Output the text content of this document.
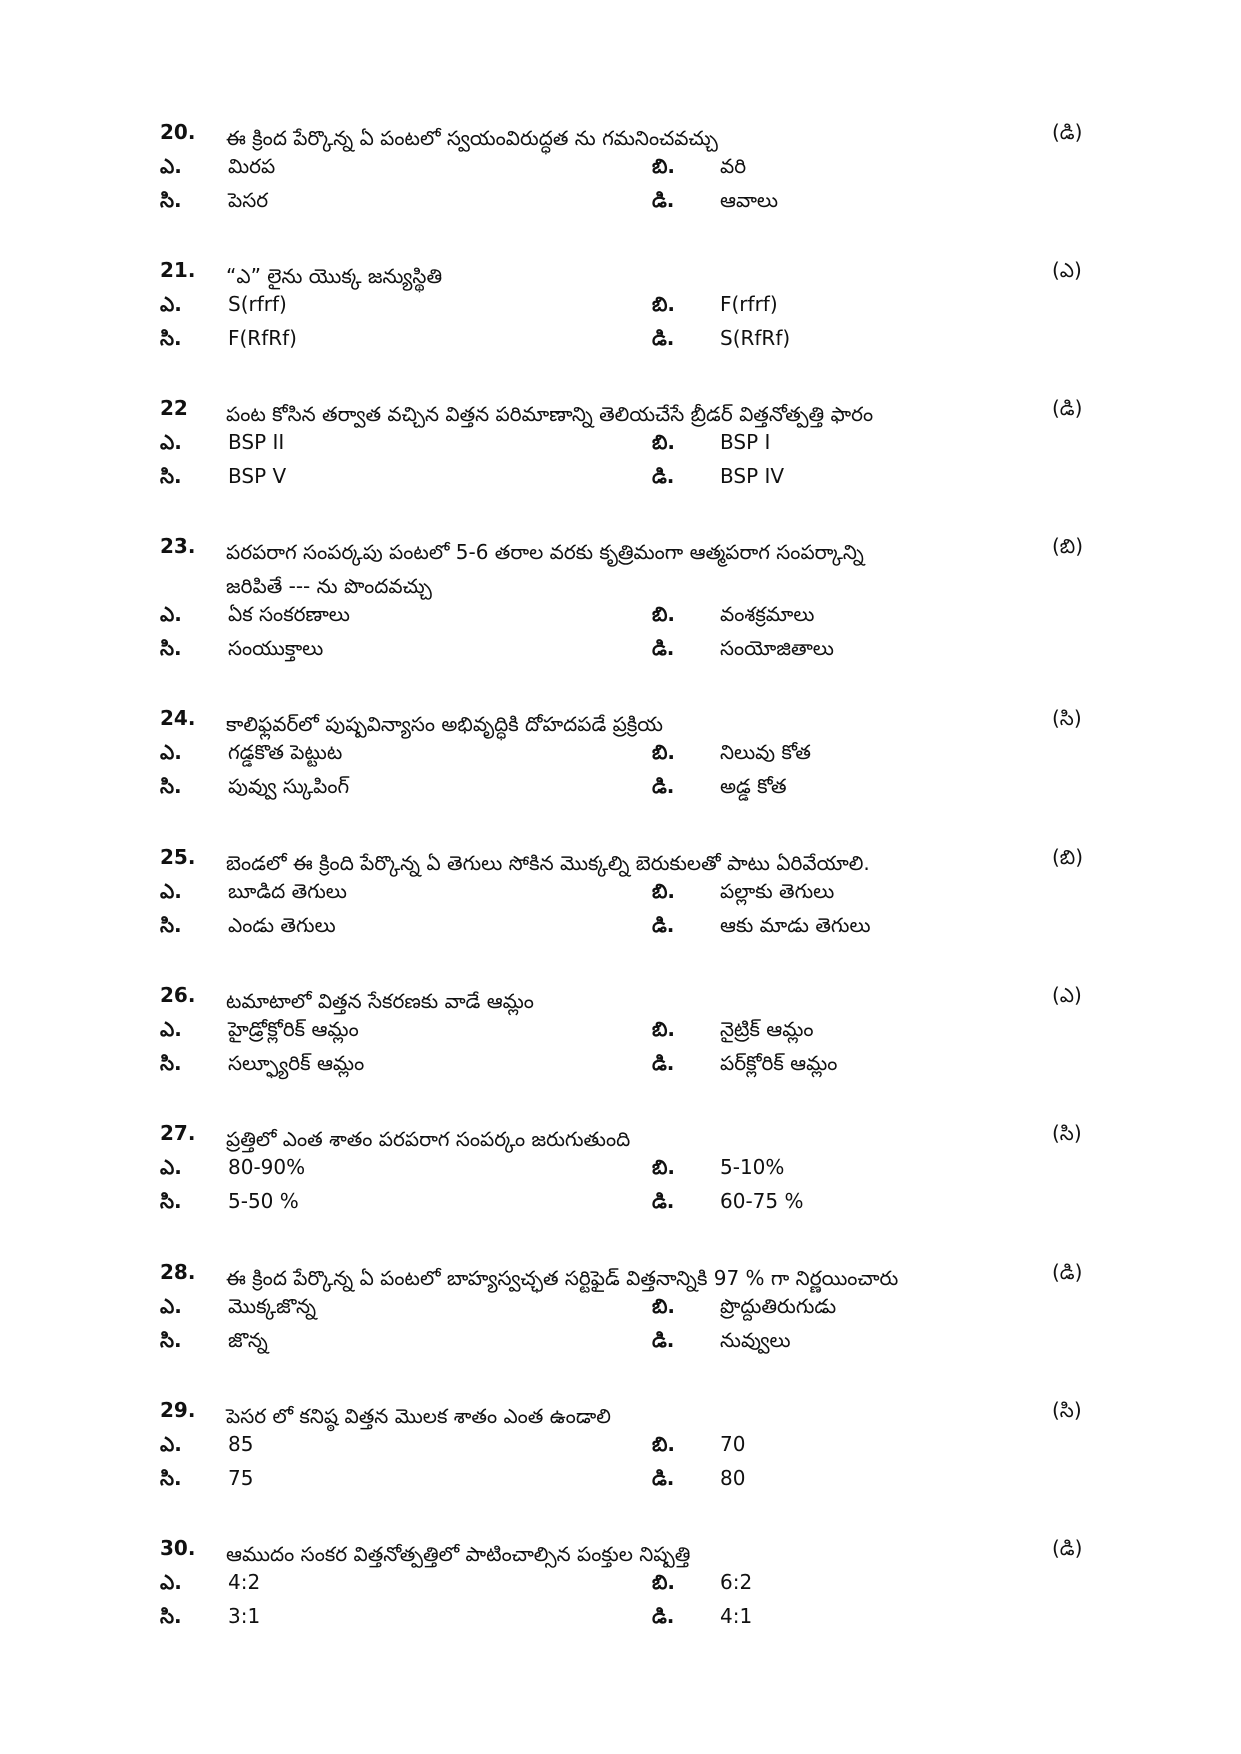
20. ఈ క్రింద పేర్కొన్న ఏ పంటలో స్వయంవిరుద్ధత ను గమనించవచ్చు	(డి)
ఎ. మిరప	బి. వరి
సి. పెసర	డి. ఆవాలు
21. “ఎ” లైను యొక్క జన్యుస్థితి	(ఎ)
ఎ. S(rfrf)	బి. F(rfrf)
సి. F(RfRf)	డి. S(RfRf)
22 పంట కోసిన తర్వాత వచ్చిన విత్తన పరిమాణాన్ని తెలియచేసే బ్రీడర్ విత్తనోత్పత్తి ఫారం	(డి)
ఎ. BSP II	బి. BSP I
సి. BSP V	డి. BSP IV
23. పరపరాగ సంపర్కపు పంటలో 5-6 తరాల వరకు కృత్రిమంగా ఆత్మపరాగ సంపర్కాన్ని	(బి)
జరిపితే --- ను పొందవచ్చు
ఎ. ఏక సంకరణాలు	బి. వంశక్రమాలు
సి. సంయుక్తాలు	డి. సంయోజితాలు
24. కాలిఫ్లవర్‌లో పుష్పవిన్యాసం అభివృద్ధికి దోహదపడే ప్రక్రియ	(సి)
ఎ. గడ్డకొత పెట్టుట	బి. నిలువు కోత
సి. పువ్వు స్కుపింగ్	డి. అడ్డ కోత
25. బెండలో ఈ క్రింది పేర్కొన్న ఏ తెగులు సోకిన మొక్కల్ని బెరుకులతో పాటు ఏరివేయాలి.	(బి)
ఎ. బూడిద తెగులు	బి. పల్లాకు తెగులు
సి. ఎండు తెగులు	డి. ఆకు మాడు తెగులు
26. టమాటాలో విత్తన సేకరణకు వాడే ఆమ్లం	(ఎ)
ఎ. హైడ్రోక్లోరిక్ ఆమ్లం	బి. నైట్రిక్ ఆమ్లం
సి. సల్ఫ్యూరిక్ ఆమ్లం	డి. పర్‌క్లోరిక్ ఆమ్లం
27. ప్రత్తిలో ఎంత శాతం పరపరాగ సంపర్కం జరుగుతుంది	(సి)
ఎ. 80-90%	బి. 5-10%
సి. 5-50 %	డి. 60-75 %
28. ఈ క్రింద పేర్కొన్న ఏ పంటలో బాహ్యస్వచ్ఛత సర్టిఫైడ్ విత్తనాన్నికి 97 % గా నిర్ణయించారు	(డి)
ఎ. మొక్కజొన్న	బి. ప్రొద్దుతిరుగుడు
సి. జొన్న	డి. నువ్వులు
29. పెసర లో కనిష్ఠ విత్తన మొలక శాతం ఎంత ఉండాలి	(సి)
ఎ. 85	బి. 70
సి. 75	డి. 80
30. ఆముదం సంకర విత్తనోత్పత్తిలో పాటించాల్సిన పంక్తుల నిష్పత్తి	(డి)
ఎ. 4:2	బి. 6:2
సి. 3:1	డి. 4:1
